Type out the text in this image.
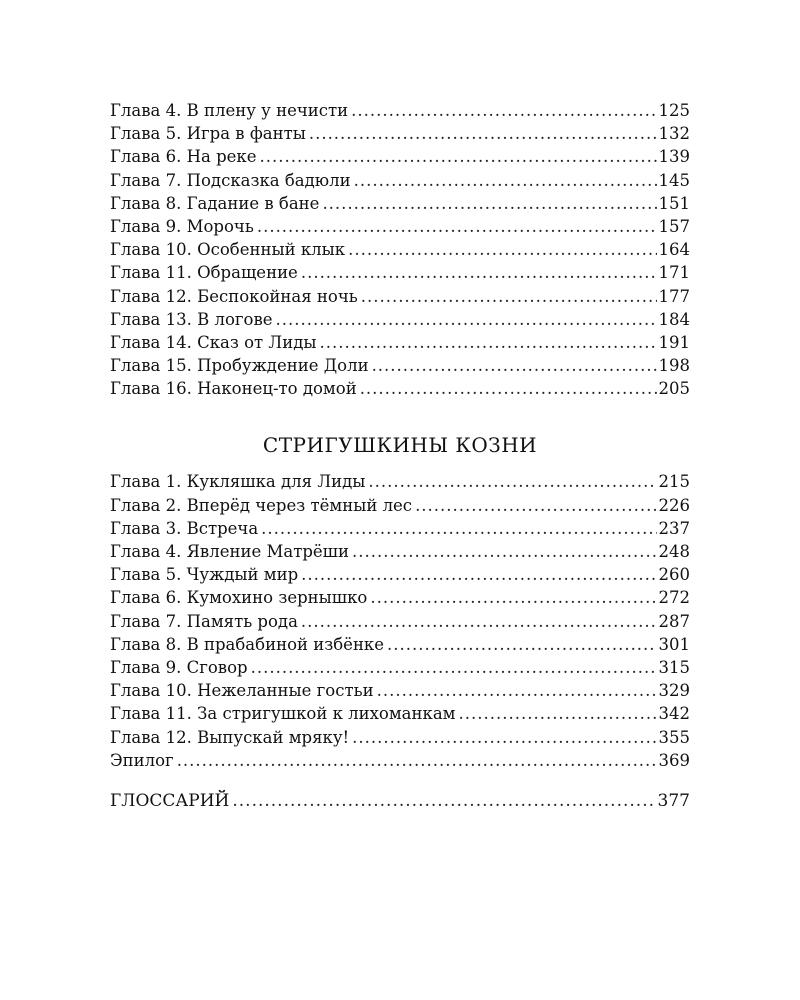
Глава 4. В плену у нечисти .....	125
Глава 5. Игра в фанты .....	132
Глава 6. На реке .....	139
Глава 7. Подсказка бадюли .....	145
Глава 8. Гадание в бане .....	151
Глава 9. Морочь .....	157
Глава 10. Особенный клык .....	164
Глава 11. Обращение .....	171
Глава 12. Беспокойная ночь .....	177
Глава 13. В логове .....	184
Глава 14. Сказ от Лиды .....	191
Глава 15. Пробуждение Доли .....	198
Глава 16. Наконец-то домой .....	205
СТРИГУШКИНЫ КОЗНИ
Глава 1. Кукляшка для Лиды .....	215
Глава 2. Вперёд через тёмный лес .....	226
Глава 3. Встреча .....	237
Глава 4. Явление Матрёши .....	248
Глава 5. Чуждый мир .....	260
Глава 6. Кумохино зернышко .....	272
Глава 7. Память рода .....	287
Глава 8. В прабабиной избёнке .....	301
Глава 9. Сговор .....	315
Глава 10. Нежеланные гостьи .....	329
Глава 11. За стригушкой к лихоманкам .....	342
Глава 12. Выпускай мряку! .....	355
Эпилог .....	369
ГЛОССАРИЙ .....	377
